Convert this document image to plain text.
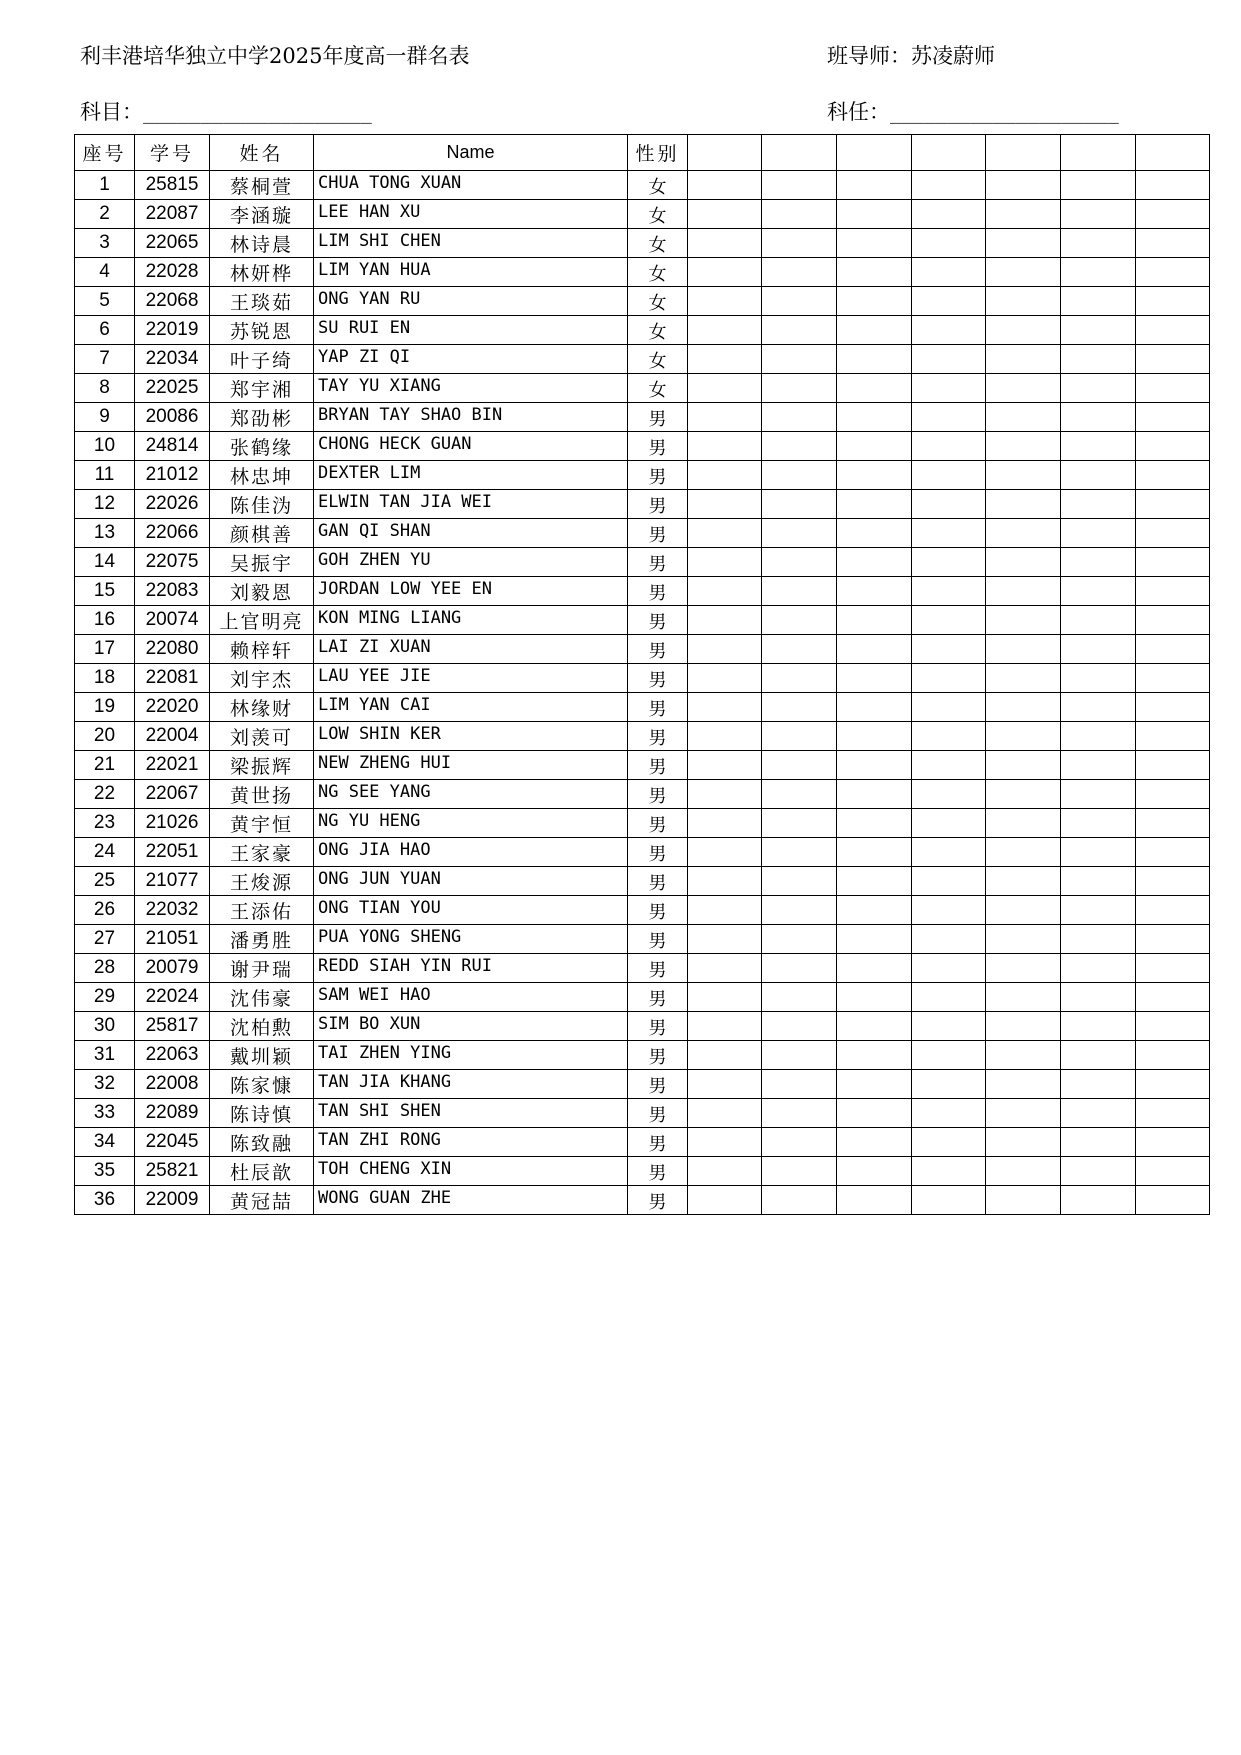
利丰港培华独立中学2025年度高一群名表	班导师：苏凌蔚师
科目：____________________	科任：____________________
座号	学号	姓名	Name	性别							
1	25815	蔡桐萱	CHUA TONG XUAN	女							
2	22087	李涵璇	LEE HAN XU	女							
3	22065	林诗晨	LIM SHI CHEN	女							
4	22028	林妍桦	LIM YAN HUA	女							
5	22068	王琰茹	ONG YAN RU	女							
6	22019	苏锐恩	SU RUI EN	女							
7	22034	叶子绮	YAP ZI QI	女							
8	22025	郑宇湘	TAY YU XIANG	女							
9	20086	郑劭彬	BRYAN TAY SHAO BIN	男							
10	24814	张鹤缘	CHONG HECK GUAN	男							
11	21012	林忠坤	DEXTER LIM	男							
12	22026	陈佳沩	ELWIN TAN JIA WEI	男							
13	22066	颜棋善	GAN QI SHAN	男							
14	22075	吴振宇	GOH ZHEN YU	男							
15	22083	刘毅恩	JORDAN LOW YEE EN	男							
16	20074	上官明亮	KON MING LIANG	男							
17	22080	赖梓轩	LAI ZI XUAN	男							
18	22081	刘宇杰	LAU YEE JIE	男							
19	22020	林缘财	LIM YAN CAI	男							
20	22004	刘羡可	LOW SHIN KER	男							
21	22021	梁振辉	NEW ZHENG HUI	男							
22	22067	黄世扬	NG SEE YANG	男							
23	21026	黄宇恒	NG YU HENG	男							
24	22051	王家豪	ONG JIA HAO	男							
25	21077	王焌源	ONG JUN YUAN	男							
26	22032	王添佑	ONG TIAN YOU	男							
27	21051	潘勇胜	PUA YONG SHENG	男							
28	20079	谢尹瑞	REDD SIAH YIN RUI	男							
29	22024	沈伟豪	SAM WEI HAO	男							
30	25817	沈柏勲	SIM BO XUN	男							
31	22063	戴圳颖	TAI ZHEN YING	男							
32	22008	陈家慷	TAN JIA KHANG	男							
33	22089	陈诗慎	TAN SHI SHEN	男							
34	22045	陈致融	TAN ZHI RONG	男							
35	25821	杜辰歆	TOH CHENG XIN	男							
36	22009	黄冠喆	WONG GUAN ZHE	男							
